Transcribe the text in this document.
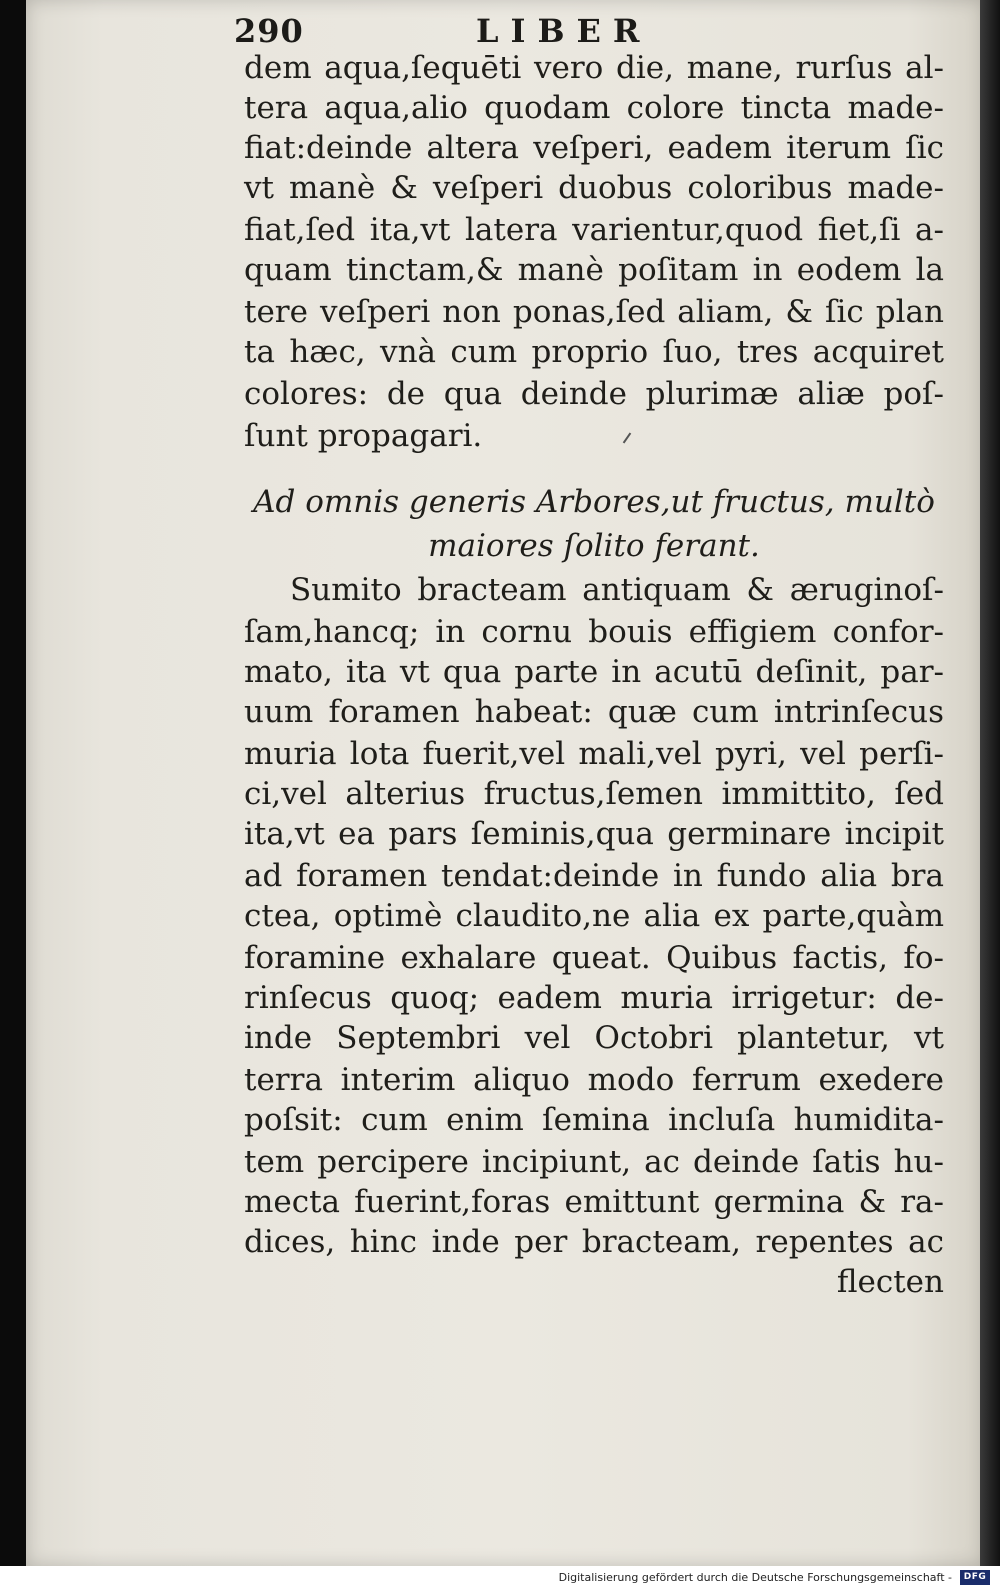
290	LIBER
dem aqua,ſequēti vero die, mane, rurſus al-
tera aqua,alio quodam colore tincta made-
fiat:deinde altera veſperi, eadem iterum ſic
vt manè & veſperi duobus coloribus made-
fiat,ſed ita,vt latera varientur,quod fiet,ſi a-
quam tinctam,& manè poſitam in eodem la
tere veſperi non ponas,ſed aliam, & ſic plan
ta hæc, vnà cum proprio ſuo, tres acquiret
colores: de qua deinde plurimæ aliæ poſ-
ſunt propagari.
Ad omnis generis Arbores,ut fructus, multò
maiores ſolito ferant.
Sumito bracteam antiquam & æruginoſ-
ſam,hancq; in cornu bouis effigiem confor-
mato, ita vt qua parte in acutū deſinit, par-
uum foramen habeat: quæ cum intrinſecus
muria lota fuerit,vel mali,vel pyri, vel perſi-
ci,vel alterius fructus,ſemen immittito, ſed
ita,vt ea pars ſeminis,qua germinare incipit
ad foramen tendat:deinde in fundo alia bra
ctea, optimè claudito,ne alia ex parte,quàm
foramine exhalare queat. Quibus factis, fo-
rinſecus quoq; eadem muria irrigetur: de-
inde Septembri vel Octobri plantetur, vt
terra interim aliquo modo ferrum exedere
poſsit: cum enim ſemina incluſa humidita-
tem percipere incipiunt, ac deinde ſatis hu-
mecta fuerint,foras emittunt germina & ra-
dices, hinc inde per bracteam, repentes ac
flecten
Digitalisierung gefördert durch die Deutsche Forschungsgemeinschaft -	DFG
